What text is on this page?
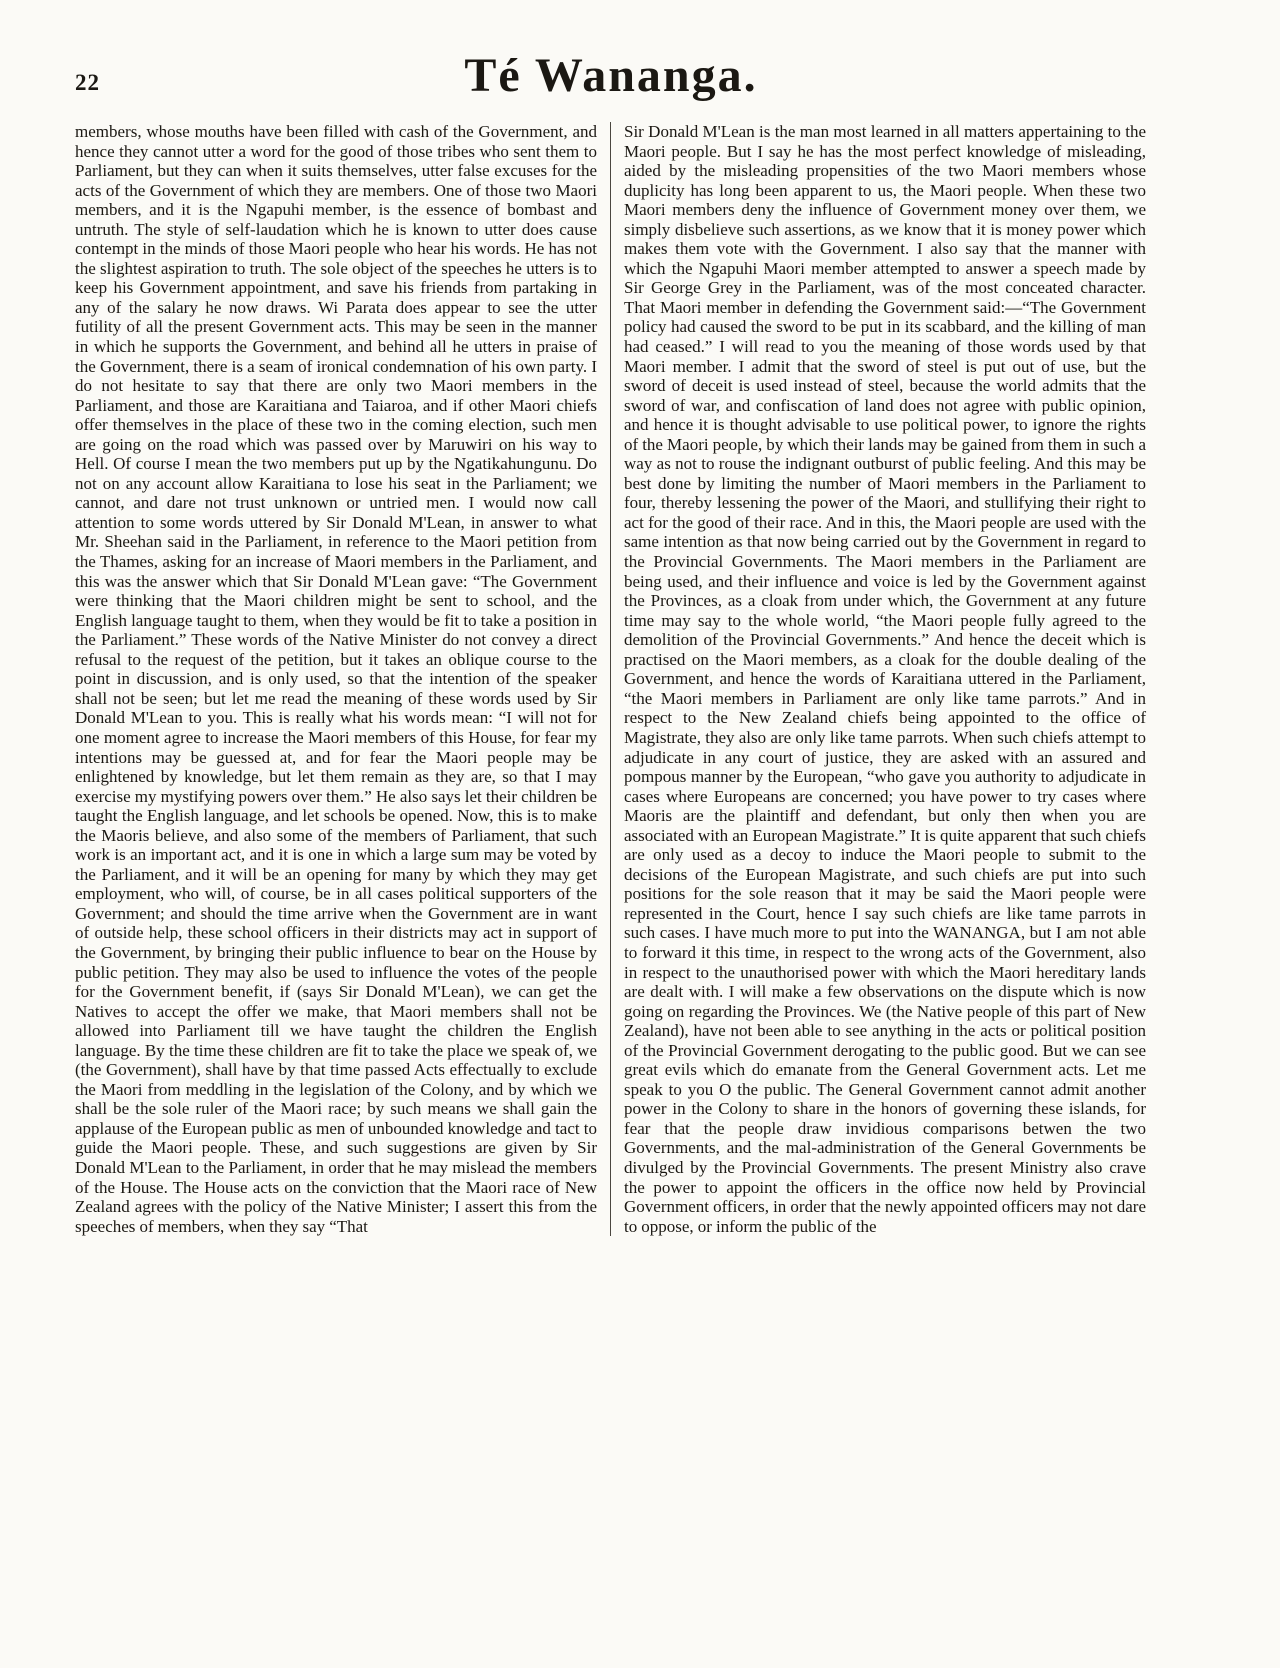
22	Té Wananga.
members, whose mouths have been filled with cash of the Government, and hence they cannot utter a word for the good of those tribes who sent them to Parliament, but they can when it suits themselves, utter false excuses for the acts of the Government of which they are members. One of those two Maori members, and it is the Ngapuhi member, is the essence of bombast and untruth. The style of self-laudation which he is known to utter does cause contempt in the minds of those Maori people who hear his words. He has not the slightest aspiration to truth. The sole object of the speeches he utters is to keep his Government appointment, and save his friends from partaking in any of the salary he now draws. Wi Parata does appear to see the utter futility of all the present Government acts. This may be seen in the manner in which he supports the Government, and behind all he utters in praise of the Government, there is a seam of ironical condemnation of his own party. I do not hesitate to say that there are only two Maori members in the Parliament, and those are Karaitiana and Taiaroa, and if other Maori chiefs offer themselves in the place of these two in the coming election, such men are going on the road which was passed over by Maruwiri on his way to Hell. Of course I mean the two members put up by the Ngatikahungunu. Do not on any account allow Karaitiana to lose his seat in the Parliament; we cannot, and dare not trust unknown or untried men. I would now call attention to some words uttered by Sir Donald M'Lean, in answer to what Mr. Sheehan said in the Parliament, in reference to the Maori petition from the Thames, asking for an increase of Maori members in the Parliament, and this was the answer which that Sir Donald M'Lean gave: “The Government were thinking that the Maori children might be sent to school, and the English language taught to them, when they would be fit to take a position in the Parliament.” These words of the Native Minister do not convey a direct refusal to the request of the petition, but it takes an oblique course to the point in discussion, and is only used, so that the intention of the speaker shall not be seen; but let me read the meaning of these words used by Sir Donald M'Lean to you. This is really what his words mean: “I will not for one moment agree to increase the Maori members of this House, for fear my intentions may be guessed at, and for fear the Maori people may be enlightened by knowledge, but let them remain as they are, so that I may exercise my mystifying powers over them.” He also says let their children be taught the English language, and let schools be opened. Now, this is to make the Maoris believe, and also some of the members of Parliament, that such work is an important act, and it is one in which a large sum may be voted by the Parliament, and it will be an opening for many by which they may get employment, who will, of course, be in all cases political supporters of the Government; and should the time arrive when the Government are in want of outside help, these school officers in their districts may act in support of the Government, by bringing their public influence to bear on the House by public petition. They may also be used to influence the votes of the people for the Government benefit, if (says Sir Donald M'Lean), we can get the Natives to accept the offer we make, that Maori members shall not be allowed into Parliament till we have taught the children the English language. By the time these children are fit to take the place we speak of, we (the Government), shall have by that time passed Acts effectually to exclude the Maori from meddling in the legislation of the Colony, and by which we shall be the sole ruler of the Maori race; by such means we shall gain the applause of the European public as men of unbounded knowledge and tact to guide the Maori people. These, and such suggestions are given by Sir Donald M'Lean to the Parliament, in order that he may mislead the members of the House. The House acts on the conviction that the Maori race of New Zealand agrees with the policy of the Native Minister; I assert this from the speeches of members, when they say “That
Sir Donald M'Lean is the man most learned in all matters appertaining to the Maori people. But I say he has the most perfect knowledge of misleading, aided by the misleading propensities of the two Maori members whose duplicity has long been apparent to us, the Maori people. When these two Maori members deny the influence of Government money over them, we simply disbelieve such assertions, as we know that it is money power which makes them vote with the Government. I also say that the manner with which the Ngapuhi Maori member attempted to answer a speech made by Sir George Grey in the Parliament, was of the most conceated character. That Maori member in defending the Government said:—“The Government policy had caused the sword to be put in its scabbard, and the killing of man had ceased.” I will read to you the meaning of those words used by that Maori member. I admit that the sword of steel is put out of use, but the sword of deceit is used instead of steel, because the world admits that the sword of war, and confiscation of land does not agree with public opinion, and hence it is thought advisable to use political power, to ignore the rights of the Maori people, by which their lands may be gained from them in such a way as not to rouse the indignant outburst of public feeling. And this may be best done by limiting the number of Maori members in the Parliament to four, thereby lessening the power of the Maori, and stullifying their right to act for the good of their race. And in this, the Maori people are used with the same intention as that now being carried out by the Government in regard to the Provincial Governments. The Maori members in the Parliament are being used, and their influence and voice is led by the Government against the Provinces, as a cloak from under which, the Government at any future time may say to the whole world, “the Maori people fully agreed to the demolition of the Provincial Governments.” And hence the deceit which is practised on the Maori members, as a cloak for the double dealing of the Government, and hence the words of Karaitiana uttered in the Parliament, “the Maori members in Parliament are only like tame parrots.” And in respect to the New Zealand chiefs being appointed to the office of Magistrate, they also are only like tame parrots. When such chiefs attempt to adjudicate in any court of justice, they are asked with an assured and pompous manner by the European, “who gave you authority to adjudicate in cases where Europeans are concerned; you have power to try cases where Maoris are the plaintiff and defendant, but only then when you are associated with an European Magistrate.” It is quite apparent that such chiefs are only used as a decoy to induce the Maori people to submit to the decisions of the European Magistrate, and such chiefs are put into such positions for the sole reason that it may be said the Maori people were represented in the Court, hence I say such chiefs are like tame parrots in such cases. I have much more to put into the WANANGA, but I am not able to forward it this time, in respect to the wrong acts of the Government, also in respect to the unauthorised power with which the Maori hereditary lands are dealt with. I will make a few observations on the dispute which is now going on regarding the Provinces. We (the Native people of this part of New Zealand), have not been able to see anything in the acts or political position of the Provincial Government derogating to the public good. But we can see great evils which do emanate from the General Government acts. Let me speak to you O the public. The General Government cannot admit another power in the Colony to share in the honors of governing these islands, for fear that the people draw invidious comparisons betwen the two Governments, and the mal-administration of the General Governments be divulged by the Provincial Governments. The present Ministry also crave the power to appoint the officers in the office now held by Provincial Government officers, in order that the newly appointed officers may not dare to oppose, or inform the public of the
